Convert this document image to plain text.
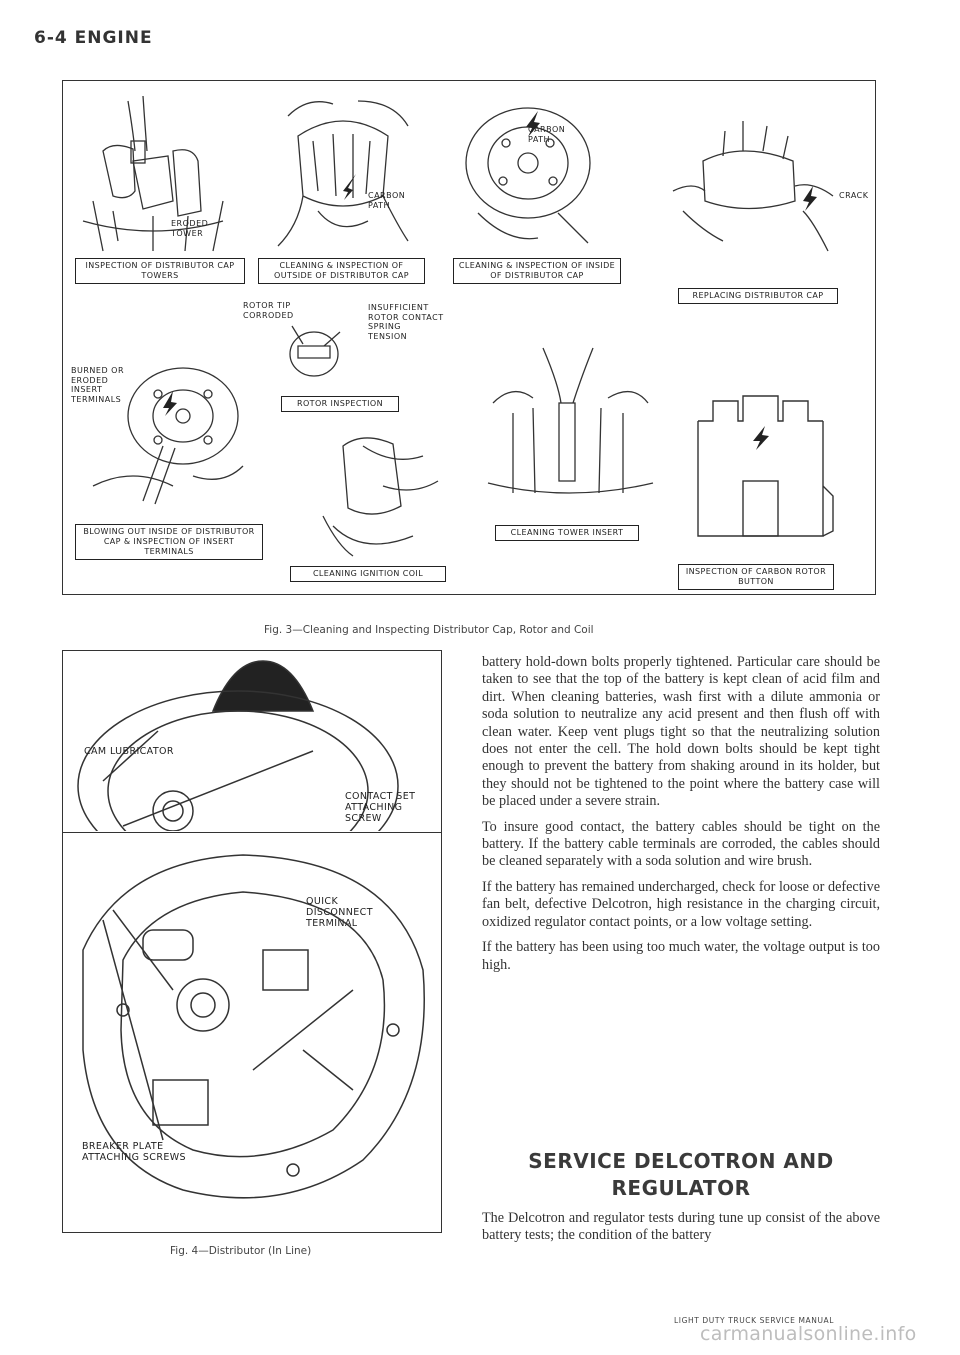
6-4 ENGINE
ERODED
TOWER
CARBON
PATH
CARBON
PATH
CRACK
INSPECTION OF DISTRIBUTOR CAP TOWERS
CLEANING & INSPECTION OF OUTSIDE OF DISTRIBUTOR CAP
CLEANING & INSPECTION OF INSIDE OF DISTRIBUTOR CAP
REPLACING DISTRIBUTOR CAP
ROTOR TIP
CORRODED
INSUFFICIENT
ROTOR CONTACT
SPRING
TENSION
ROTOR INSPECTION
BURNED OR
ERODED
INSERT
TERMINALS
BLOWING OUT INSIDE OF DISTRIBUTOR CAP & INSPECTION OF INSERT TERMINALS
CLEANING IGNITION COIL
CLEANING TOWER INSERT
INSPECTION OF CARBON ROTOR BUTTON
Fig. 3—Cleaning and Inspecting Distributor Cap, Rotor and Coil
CAM LUBRICATOR
CONTACT SET
ATTACHING
SCREW
QUICK
DISCONNECT
TERMINAL
BREAKER PLATE
ATTACHING SCREWS
Fig. 4—Distributor (In Line)

battery hold-down bolts properly tightened. Particular care should be taken to see that the top of the battery is kept clean of acid film and dirt. When cleaning batteries, wash first with a dilute ammonia or soda solution to neutralize any acid present and then flush off with clean water. Keep vent plugs tight so that the neutralizing solution does not enter the cell. The hold down bolts should be kept tight enough to prevent the battery from shaking around in its holder, but they should not be tightened to the point where the battery case will be placed under a severe strain.

To insure good contact, the battery cables should be tight on the battery. If the battery cable terminals are corroded, the cables should be cleaned separately with a soda solution and wire brush.

If the battery has remained undercharged, check for loose or defective fan belt, defective Delcotron, high resistance in the charging circuit, oxidized regulator contact points, or a low voltage setting.

If the battery has been using too much water, the voltage output is too high.

SERVICE DELCOTRON AND REGULATOR

The Delcotron and regulator tests during tune up consist of the above battery tests; the condition of the battery

LIGHT DUTY TRUCK SERVICE MANUAL
carmanualsonline.info
